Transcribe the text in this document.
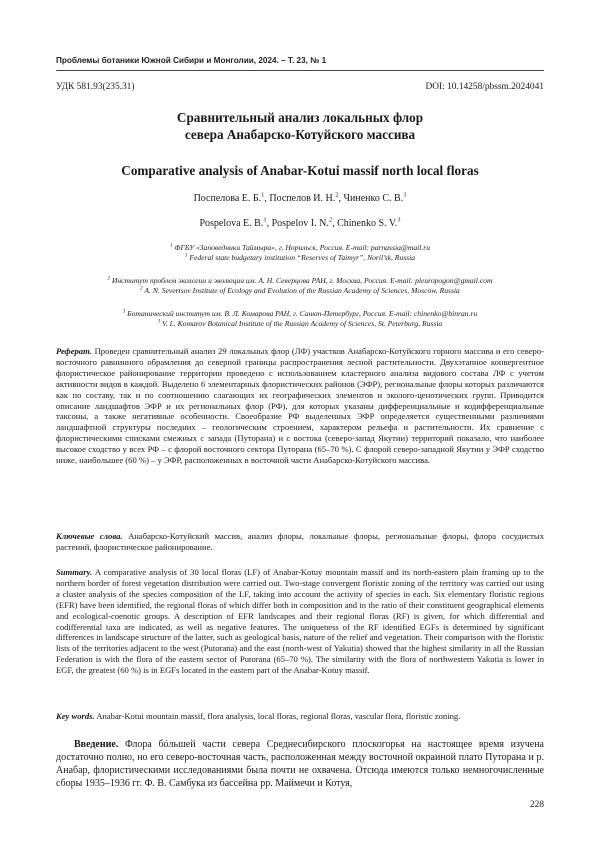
Проблемы ботаники Южной Сибири и Монголии, 2024. – Т. 23, № 1
УДК 581.93(235.31)	DOI: 10.14258/pbssm.2024041
Сравнительный анализ локальных флор
севера Анабарско-Котуйского массива
Comparative analysis of Anabar-Kotui massif north local floras
Поспелова Е. Б.$^1$, Поспелов И. Н.$^2$, Чиненко С. В.$^3$
Pospelova E. B.$^1$, Pospelov I. N.$^2$, Chinenko S. V.$^3$
$^1$ ФГБУ «Заповедники Таймыра», г. Норильск, Россия. E-mail: parnassia@mail.ru
$^1$ Federal state budgetary institution “Reserves of Taimyr”, Noril’sk, Russia
$^2$ Институт проблем экологии и эволюции им. А. Н. Северцова РАН, г. Москва, Россия. E-mail: pleuropogon@gmail.com
$^2$ A. N. Severtsov Institute of Ecology and Evolution of the Russian Academy of Sciences, Moscow, Russia
$^3$ Ботанический институт им. В. Л. Комарова РАН, г. Санкт-Петербург, Россия. E-mail: chinenko@binran.ru
$^3$ V. L. Komarov Botanical Institute of the Russian Academy of Sciences, St. Peterburg, Russia
Реферат. Проведен сравнительный анализ 29 локальных флор (ЛФ) участков Анабарско-Котуйского горного массива и его северо-восточного равнинного обрамления до северной границы распространения лесной растительности. Двухэтапное конвергентное флористическое районирование территории проведено с использованием кластерного анализа видового состава ЛФ с учетом активности видов в каждой. Выделено 6 элементарных флористических районов (ЭФР), региональные флоры которых различаются как по составу, так и по соотношению слагающих их географических элементов и эколого-ценотических групп. Приводится описание ландшафтов ЭФР и их региональных флор (РФ), для которых указаны дифференциальные и кодифференциальные таксоны, а также негативные особенности. Своеобразие РФ выделенных ЭФР определяется существенными различиями ландшафтной структуры последних – геологическим строением, характером рельефа и растительности. Их сравнение с флористическими списками смежных с запада (Путорана) и с востока (северо-запад Якутии) территорий показало, что наиболее высокое сходство у всех РФ – с флорой восточного сектора Путорана (65–70 %). С флорой северо-западной Якутии у ЭФР сходство ниже, наибольшее (60 %) – у ЭФР, расположенных в восточной части Анабарско-Котуйского массива.
Ключевые слова. Анабарско-Котуйский массив, анализ флоры, локальные флоры, региональные флоры, флора сосудистых растений, флористическое районирование.
Summary. A comparative analysis of 30 local floras (LF) of Anabar-Kotuy mountain massif and its north-eastern plain framing up to the northern border of forest vegetation distribution were carried out. Two-stage convergent floristic zoning of the territory was carried out using a cluster analysis of the species composition of the LF, taking into account the activity of species in each. Six elementary floristic regions (EFR) have been identified, the regional floras of which differ both in composition and in the ratio of their constituent geographical elements and ecological-coenotic groups. A description of EFR landscapes and their regional floras (RF) is given, for which differential and codifferential taxa are indicated, as well as negative features. The uniqueness of the RF identified EGFs is determined by significant differences in landscape structure of the latter, such as geological basis, nature of the relief and vegetation. Their comparison with the floristic lists of the territories adjacent to the west (Putorana) and the east (north-west of Yakutia) showed that the highest similarity in all the Russian Federation is with the flora of the eastern sector of Putorana (65–70 %). The similarity with the flora of northwestern Yakutia is lower in EGF, the greatest (60 %) is in EGFs located in the eastern part of the Anabar-Kotuy massif.
Key words. Anabar-Kotui mountain massif, flora analysis, local floras, regional floras, vascular flora, floristic zoning.
Введение. Флора бóльшей части севера Среднесибирского плоскогорья на настоящее время изучена достаточно полно, но его северо-восточная часть, расположенная между восточной окраиной плато Путорана и р. Анабар, флористическими исследованиями была почти не охвачена. Отсюда имеются только немногочисленные сборы 1935–1936 гг. Ф. В. Самбука из бассейна рр. Маймечи и Котуя,
228
